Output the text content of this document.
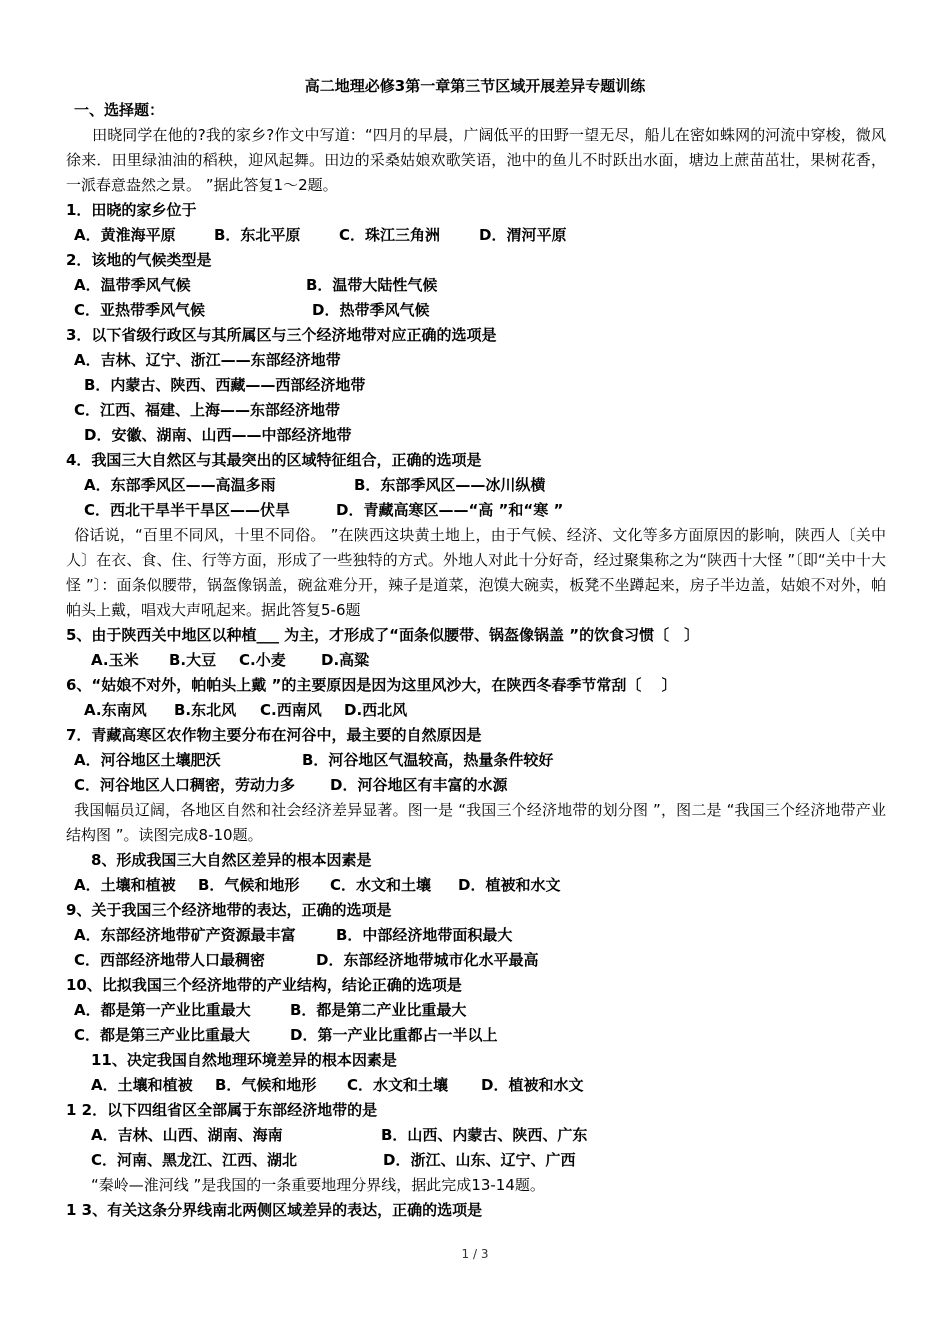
高二地理必修3第一章第三节区域开展差异专题训练
一、选择题：
田晓同学在他的?我的家乡?作文中写道：“四月的早晨，广阔低平的田野一望无尽，船儿在密如蛛网的河流中穿梭，微风徐来．田里绿油油的稻秧，迎风起舞。田边的采桑姑娘欢歌笑语，池中的鱼儿不时跃出水面，塘边上蔗苗茁壮，果树花香，一派春意盎然之景。 ”据此答复1～2题。
1．田晓的家乡位于
A．黄淮海平原	B．东北平原	C．珠江三角洲	D．渭河平原
2．该地的气候类型是
A．温带季风气候	B．温带大陆性气候
C．亚热带季风气候	D．热带季风气候
3．以下省级行政区与其所属区与三个经济地带对应正确的选项是
A．吉林、辽宁、浙江——东部经济地带
B．内蒙古、陕西、西藏——西部经济地带
C．江西、福建、上海——东部经济地带
D．安徽、湖南、山西——中部经济地带
4．我国三大自然区与其最突出的区域特征组合，正确的选项是
A．东部季风区——高温多雨	B．东部季风区——冰川纵横
C．西北干旱半干旱区——伏旱	D．青藏高寒区——“高 ”和“寒 ”
俗话说，“百里不同风，十里不同俗。 ”在陕西这块黄土地上，由于气候、经济、文化等多方面原因的影响，陕西人〔关中人〕在衣、食、住、行等方面，形成了一些独特的方式。外地人对此十分好奇，经过聚集称之为“陕西十大怪 ”〔即“关中十大怪 ”〕：面条似腰带，锅盔像锅盖，碗盆难分开，辣子是道菜，泡馍大碗卖，板凳不坐蹲起来，房子半边盖，姑娘不对外，帕帕头上戴，唱戏大声吼起来。据此答复5-6题
5、由于陕西关中地区以种植___ 为主，才形成了“面条似腰带、锅盔像锅盖 ”的饮食习惯〔　〕
A.玉米 B.大豆 C.小麦 D.高粱
6、“姑娘不对外，帕帕头上戴 ”的主要原因是因为这里风沙大，在陕西冬春季节常刮〔　 〕
A.东南风 B.东北风 C.西南风 D.西北风
7．青藏高寒区农作物主要分布在河谷中，最主要的自然原因是
A．河谷地区土壤肥沃	B．河谷地区气温较高，热量条件较好
C．河谷地区人口稠密，劳动力多 D．河谷地区有丰富的水源
我国幅员辽阔，各地区自然和社会经济差异显著。图一是 “我国三个经济地带的划分图 ”，图二是 “我国三个经济地带产业结构图 ”。读图完成8-10题。
8、形成我国三大自然区差异的根本因素是
A．土壤和植被 B．气候和地形 C．水文和土壤 D．植被和水文
9、关于我国三个经济地带的表达，正确的选项是
A．东部经济地带矿产资源最丰富	B．中部经济地带面积最大
C．西部经济地带人口最稠密	D．东部经济地带城市化水平最高
10、比拟我国三个经济地带的产业结构，结论正确的选项是
A．都是第一产业比重最大	B．都是第二产业比重最大
C．都是第三产业比重最大	D．第一产业比重都占一半以上
11、决定我国自然地理环境差异的根本因素是
A．土壤和植被 B．气候和地形 C．水文和土壤 D．植被和水文
1 2．以下四组省区全部属于东部经济地带的是
A．吉林、山西、湖南、海南	B．山西、内蒙古、陕西、广东
C．河南、黑龙江、江西、湖北	D．浙江、山东、辽宁、广西
“秦岭—淮河线 ”是我国的一条重要地理分界线，据此完成13-14题。
1 3、有关这条分界线南北两侧区域差异的表达，正确的选项是
1 / 3
